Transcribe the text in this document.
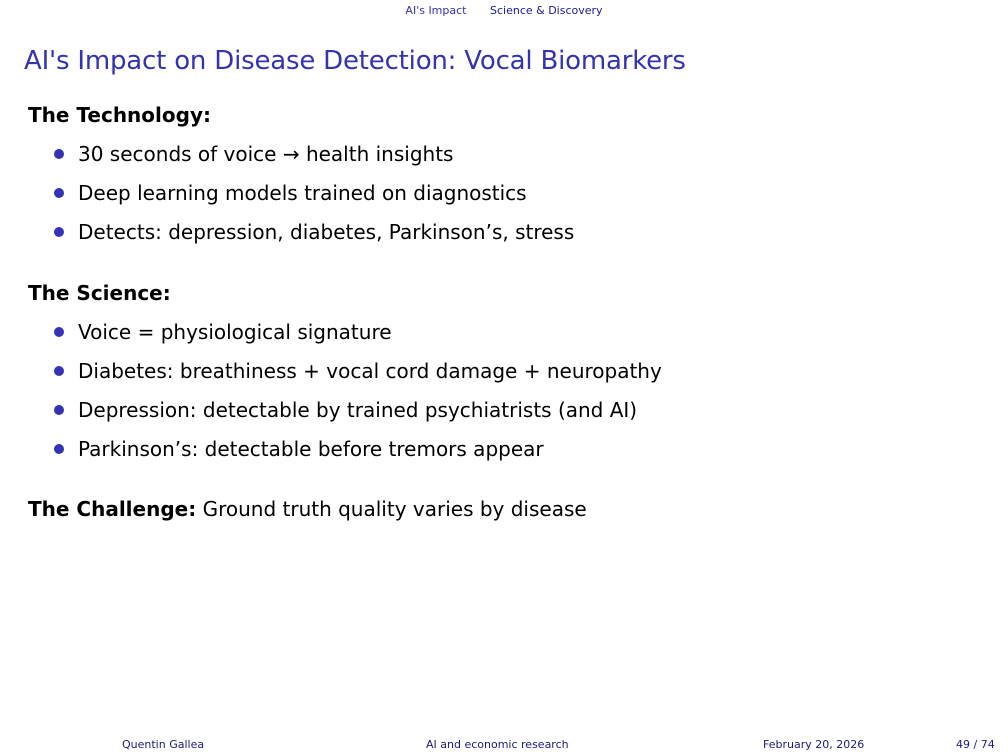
AI's Impact Science & Discovery
AI's Impact on Disease Detection: Vocal Biomarkers
The Technology:
30 seconds of voice → health insights
Deep learning models trained on diagnostics
Detects: depression, diabetes, Parkinson’s, stress
The Science:
Voice = physiological signature
Diabetes: breathiness + vocal cord damage + neuropathy
Depression: detectable by trained psychiatrists (and AI)
Parkinson’s: detectable before tremors appear
The Challenge: Ground truth quality varies by disease
Quentin Gallea	AI and economic research	February 20, 2026	49 / 74
